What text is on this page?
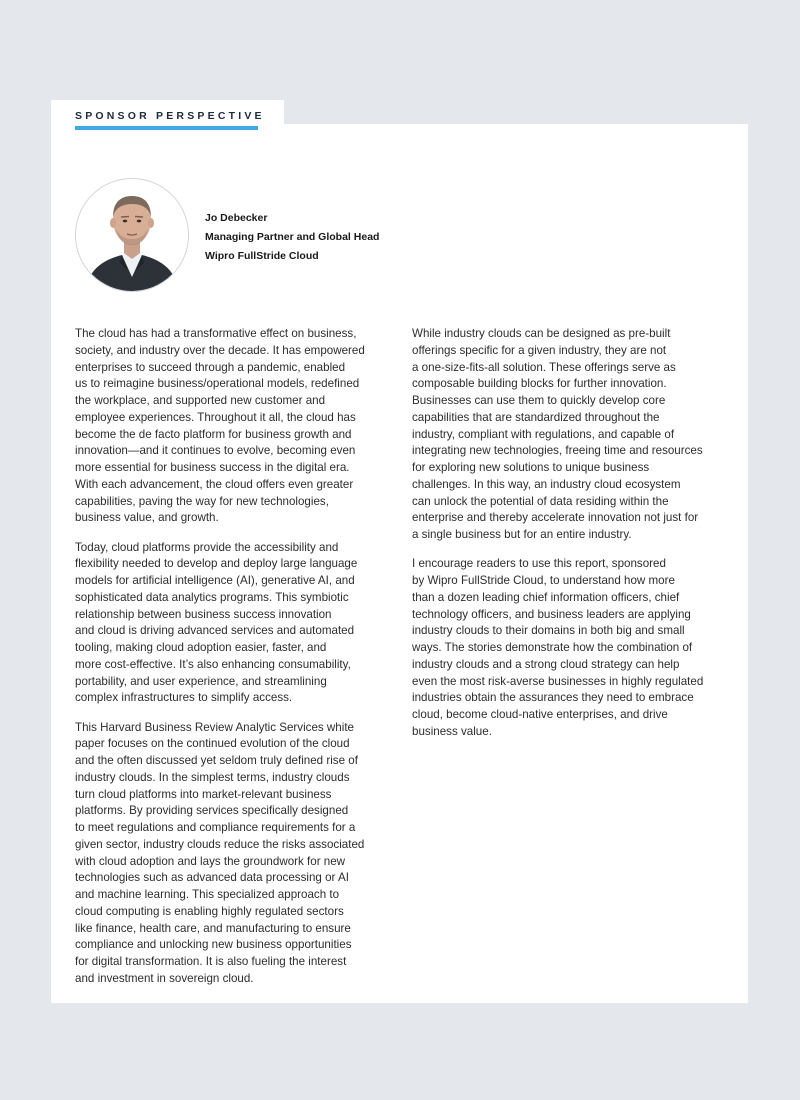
SPONSOR PERSPECTIVE
Jo Debecker
Managing Partner and Global Head
Wipro FullStride Cloud

The cloud has had a transformative effect on business,
society, and industry over the decade. It has empowered
enterprises to succeed through a pandemic, enabled
us to reimagine business/operational models, redefined
the workplace, and supported new customer and
employee experiences. Throughout it all, the cloud has
become the de facto platform for business growth and
innovation—and it continues to evolve, becoming even
more essential for business success in the digital era.
With each advancement, the cloud offers even greater
capabilities, paving the way for new technologies,
business value, and growth.

Today, cloud platforms provide the accessibility and
flexibility needed to develop and deploy large language
models for artificial intelligence (AI), generative AI, and
sophisticated data analytics programs. This symbiotic
relationship between business success innovation
and cloud is driving advanced services and automated
tooling, making cloud adoption easier, faster, and
more cost-effective. It’s also enhancing consumability,
portability, and user experience, and streamlining
complex infrastructures to simplify access.

This Harvard Business Review Analytic Services white
paper focuses on the continued evolution of the cloud
and the often discussed yet seldom truly defined rise of
industry clouds. In the simplest terms, industry clouds
turn cloud platforms into market-relevant business
platforms. By providing services specifically designed
to meet regulations and compliance requirements for a
given sector, industry clouds reduce the risks associated
with cloud adoption and lays the groundwork for new
technologies such as advanced data processing or AI
and machine learning. This specialized approach to
cloud computing is enabling highly regulated sectors
like finance, health care, and manufacturing to ensure
compliance and unlocking new business opportunities
for digital transformation. It is also fueling the interest
and investment in sovereign cloud.

While industry clouds can be designed as pre-built
offerings specific for a given industry, they are not
a one-size-fits-all solution. These offerings serve as
composable building blocks for further innovation.
Businesses can use them to quickly develop core
capabilities that are standardized throughout the
industry, compliant with regulations, and capable of
integrating new technologies, freeing time and resources
for exploring new solutions to unique business
challenges. In this way, an industry cloud ecosystem
can unlock the potential of data residing within the
enterprise and thereby accelerate innovation not just for
a single business but for an entire industry.

I encourage readers to use this report, sponsored
by Wipro FullStride Cloud, to understand how more
than a dozen leading chief information officers, chief
technology officers, and business leaders are applying
industry clouds to their domains in both big and small
ways. The stories demonstrate how the combination of
industry clouds and a strong cloud strategy can help
even the most risk-averse businesses in highly regulated
industries obtain the assurances they need to embrace
cloud, become cloud-native enterprises, and drive
business value.
